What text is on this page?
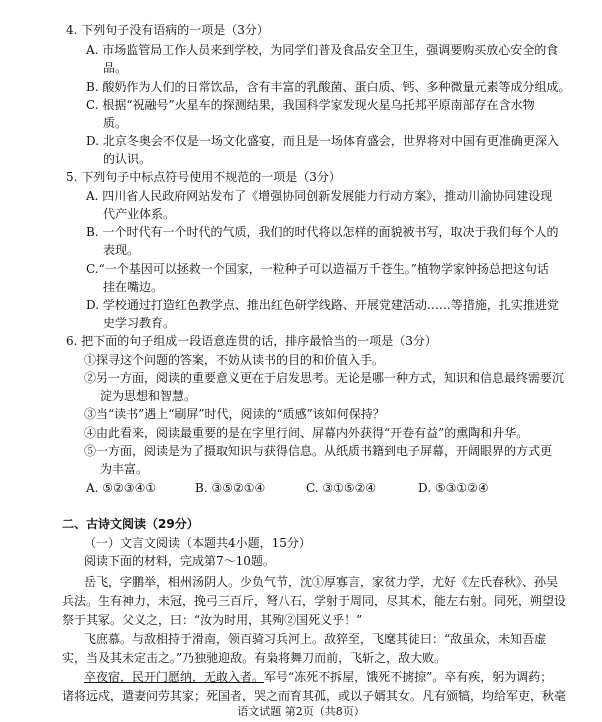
4. 下列句子没有语病的一项是（3分）
A. 市场监管局工作人员来到学校，为同学们普及食品安全卫生，强调要购买放心安全的食
品。
B. 酸奶作为人们的日常饮品，含有丰富的乳酸菌、蛋白质、钙、多种微量元素等成分组成。
C. 根据“祝融号”火星车的探测结果，我国科学家发现火星乌托邦平原南部存在含水物
质。
D. 北京冬奥会不仅是一场文化盛宴，而且是一场体育盛会，世界将对中国有更准确更深入
的认识。
5. 下列句子中标点符号使用不规范的一项是（3分）
A. 四川省人民政府网站发布了《增强协同创新发展能力行动方案》，推动川渝协同建设现
代产业体系。
B. 一个时代有一个时代的气质，我们的时代将以怎样的面貌被书写，取决于我们每个人的
表现。
C.“一个基因可以拯救一个国家，一粒种子可以造福万千苍生。”植物学家钟扬总把这句话
挂在嘴边。
D. 学校通过打造红色教学点、推出红色研学线路、开展党建活动……等措施，扎实推进党
史学习教育。
6. 把下面的句子组成一段语意连贯的话，排序最恰当的一项是（3分）
①探寻这个问题的答案，不妨从读书的目的和价值入手。
②另一方面，阅读的重要意义更在于启发思考。无论是哪一种方式，知识和信息最终需要沉
淀为思想和智慧。
③当“读书”遇上“刷屏”时代，阅读的“质感”该如何保持？
④由此看来，阅读最重要的是在字里行间、屏幕内外获得“开卷有益”的熏陶和升华。
⑤一方面，阅读是为了摄取知识与获得信息。从纸质书籍到电子屏幕，开阔眼界的方式更
为丰富。
A. ⑤②③④①	B. ③⑤②①④	C. ③①⑤②④	D. ⑤③①②④
二、古诗文阅读（29分）
（一）文言文阅读（本题共4小题，15分）
阅读下面的材料，完成第7～10题。
岳飞，字鹏举，相州汤阴人。少负气节，沈①厚寡言，家贫力学，尤好《左氏春秋》、孙吴
兵法。生有神力，未冠，挽弓三百斤，弩八石，学射于周同，尽其术，能左右射。同死，朔望设
祭于其冢。父义之，曰：“汝为时用，其殉②国死义乎！”
飞庶慕。与敌相持于滑南，领百骑习兵河上。敌猝至，飞麾其徒曰：“敌虽众，未知吾虚
实，当及其未定击之。”乃独驰迎敌。有枭将舞刀而前，飞斩之，敌大败。
卒夜宿，民开门愿纳，无敢入者。军号“冻死不拆屋，饿死不掳掠”。卒有疾，躬为调药；
诸将远戍，遣妻问劳其家；死国者，哭之而育其孤，或以子婿其女。凡有颁犒，均给军吏，秋毫
语文试题 第2页（共8页）
